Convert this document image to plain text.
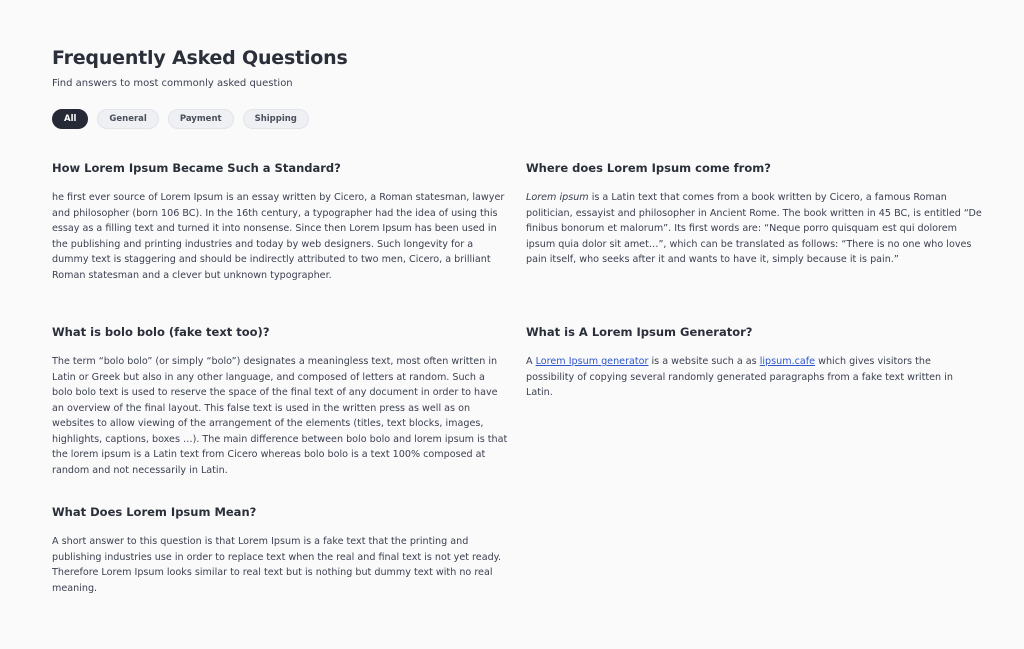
Frequently Asked Questions
Find answers to most commonly asked question
All	General	Payment	Shipping
How Lorem Ipsum Became Such a Standard?

he first ever source of Lorem Ipsum is an essay written by Cicero, a Roman statesman, lawyer and philosopher (born 106 BC). In the 16th century, a typographer had the idea of using this essay as a filling text and turned it into nonsense. Since then Lorem Ipsum has been used in the publishing and printing industries and today by web designers. Such longevity for a dummy text is staggering and should be indirectly attributed to two men, Cicero, a brilliant Roman statesman and a clever but unknown typographer.

Where does Lorem Ipsum come from?

Lorem ipsum is a Latin text that comes from a book written by Cicero, a famous Roman politician, essayist and philosopher in Ancient Rome. The book written in 45 BC, is entitled “De finibus bonorum et malorum”. Its first words are: “Neque porro quisquam est qui dolorem ipsum quia dolor sit amet…”, which can be translated as follows: “There is no one who loves pain itself, who seeks after it and wants to have it, simply because it is pain.”

What is bolo bolo (fake text too)?

The term “bolo bolo” (or simply “bolo”) designates a meaningless text, most often written in Latin or Greek but also in any other language, and composed of letters at random. Such a bolo bolo text is used to reserve the space of the final text of any document in order to have an overview of the final layout. This false text is used in the written press as well as on websites to allow viewing of the arrangement of the elements (titles, text blocks, images, highlights, captions, boxes …). The main difference between bolo bolo and lorem ipsum is that the lorem ipsum is a Latin text from Cicero whereas bolo bolo is a text 100% composed at random and not necessarily in Latin.

What is A Lorem Ipsum Generator?

A Lorem Ipsum generator is a website such a as lipsum.cafe which gives visitors the possibility of copying several randomly generated paragraphs from a fake text written in Latin.

What Does Lorem Ipsum Mean?

A short answer to this question is that Lorem Ipsum is a fake text that the printing and publishing industries use in order to replace text when the real and final text is not yet ready. Therefore Lorem Ipsum looks similar to real text but is nothing but dummy text with no real meaning.
